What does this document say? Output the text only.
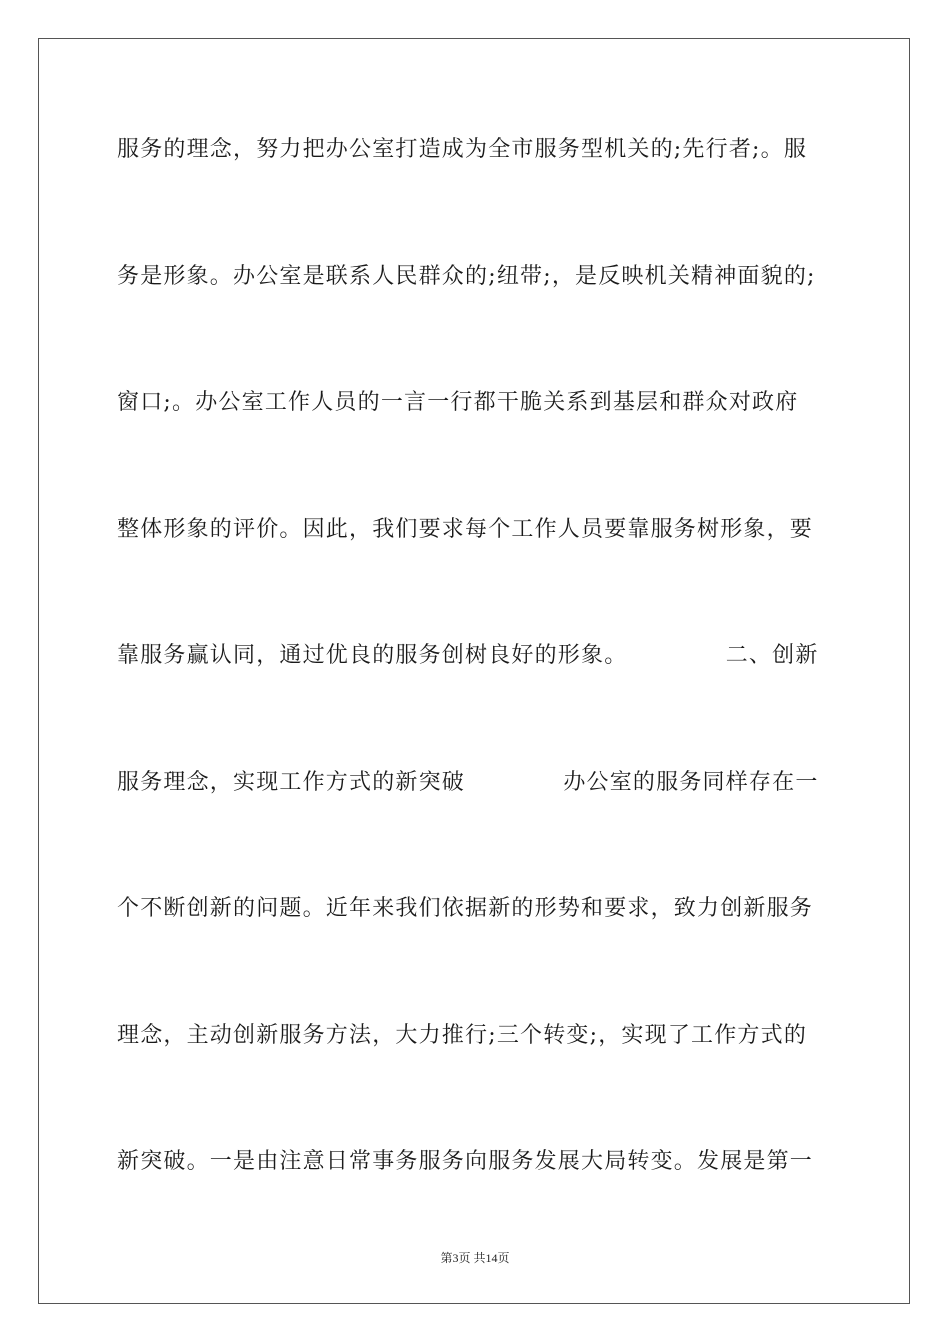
服务的理念，努力把办公室打造成为全市服务型机关的;先行者;。服
务是形象。办公室是联系人民群众的;纽带;，是反映机关精神面貌的;
窗口;。办公室工作人员的一言一行都干脆关系到基层和群众对政府
整体形象的评价。因此，我们要求每个工作人员要靠服务树形象，要
靠服务赢认同，通过优良的服务创树良好的形象。            二、创新
服务理念，实现工作方式的新突破            办公室的服务同样存在一
个不断创新的问题。近年来我们依据新的形势和要求，致力创新服务
理念，主动创新服务方法，大力推行;三个转变;，实现了工作方式的
新突破。一是由注意日常事务服务向服务发展大局转变。发展是第一
第3页 共14页
